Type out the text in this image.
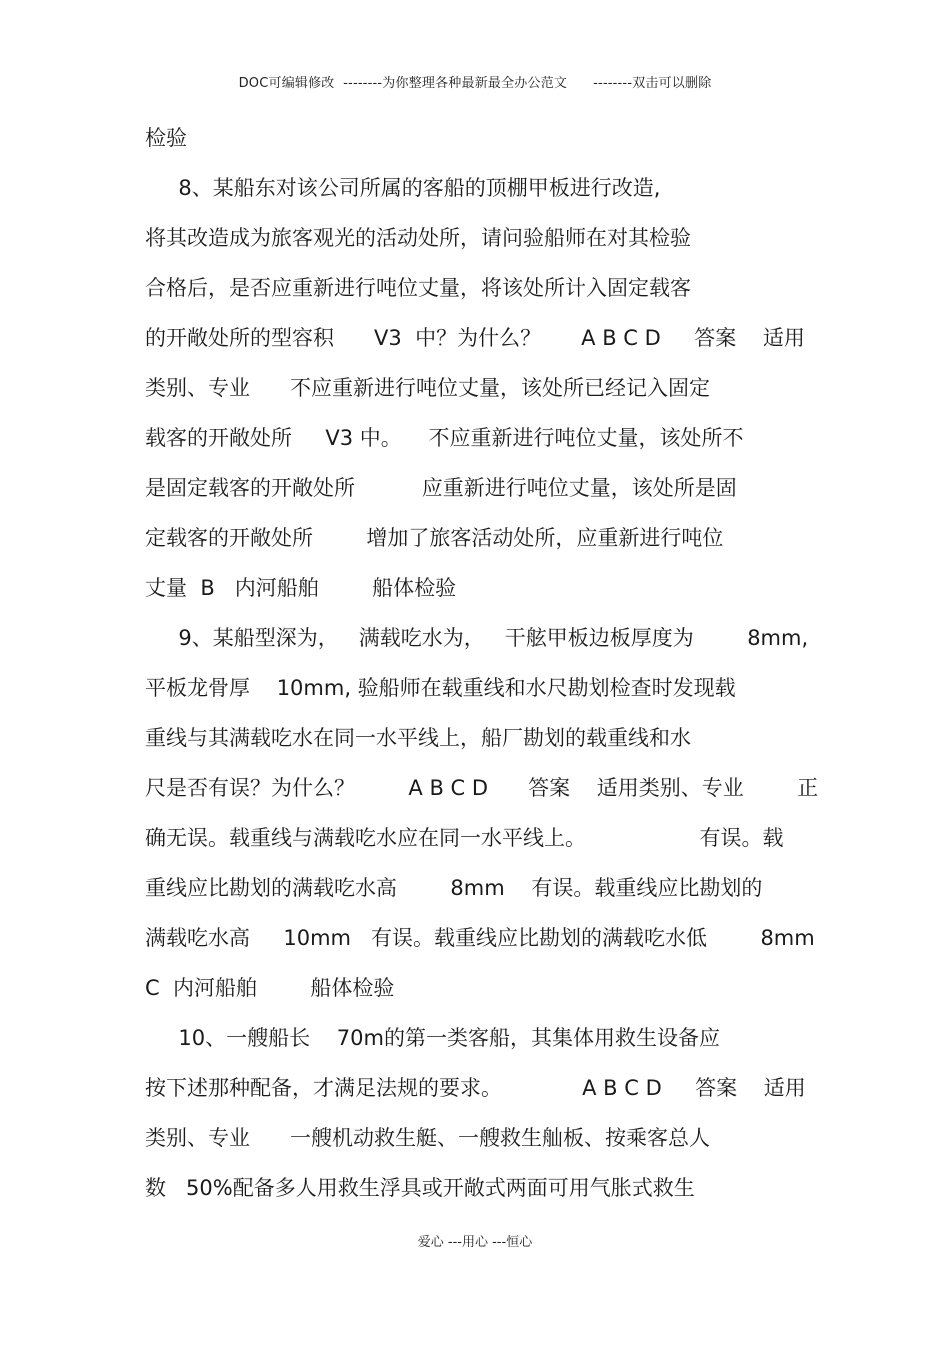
DOC可编辑修改  --------为你整理各种最新最全办公范文      --------双击可以删除
检验
8、某船东对该公司所属的客船的顶棚甲板进行改造,
将其改造成为旅客观光的活动处所，请问验船师在对其检验
合格后，是否应重新进行吨位丈量，将该处所计入固定载客
的开敞处所的型容积      V3  中？为什么？      A B C D     答案    适用
类别、专业      不应重新进行吨位丈量，该处所已经记入固定
载客的开敞处所     V3 中。    不应重新进行吨位丈量，该处所不
是固定载客的开敞处所          应重新进行吨位丈量，该处所是固
定载客的开敞处所        增加了旅客活动处所，应重新进行吨位
丈量  B   内河船舶        船体检验
9、某船型深为，   满载吃水为，   干舷甲板边板厚度为        8mm,
平板龙骨厚    10mm, 验船师在载重线和水尺勘划检查时发现载
重线与其满载吃水在同一水平线上，船厂勘划的载重线和水
尺是否有误？为什么？        A B C D      答案    适用类别、专业        正
确无误。载重线与满载吃水应在同一水平线上。                 有误。载
重线应比勘划的满载吃水高        8mm    有误。载重线应比勘划的
满载吃水高     10mm   有误。载重线应比勘划的满载吃水低        8mm
C  内河船舶        船体检验
10、一艘船长    70m的第一类客船，其集体用救生设备应
按下述那种配备，才满足法规的要求。            A B C D     答案    适用
类别、专业      一艘机动救生艇、一艘救生舢板、按乘客总人
数   50%配备多人用救生浮具或开敞式两面可用气胀式救生
爱心 ---用心 ---恒心
